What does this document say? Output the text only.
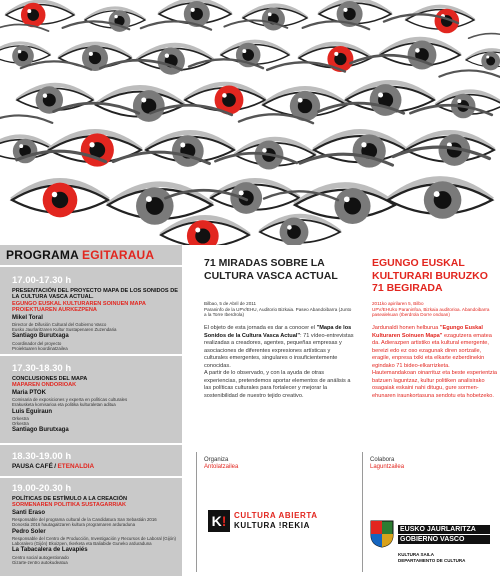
PROGRAMA EGITARAUA
17.00-17.30 h
PRESENTACIÓN DEL PROYECTO MAPA DE LOS SONIDOS DE LA CULTURA VASCA ACTUAL.
EGUNGO EUSKAL KULTURAREN SOINUEN MAPA PROIEKTUAREN AURKEZPENA
Mikel Toral
Director de Difusión Cultural del Gobierno Vasco
Eusko Jaurlaritzaren Kultur Sustapenaren Zuzendaria
Santiago Burutxaga
Coordinador del proyecto
Proiektuaren koordinatzailea
17.30-18.30 h
CONCLUSIONES DEL MAPA
MAPAREN ONDORIOAK
Maria PTOK
Comisaria de exposiciones y experta en políticas culturales
Erakusketa komisarioa eta politika kulturaletan aditua
Luis Eguiraun
Orkestra
Orkestra
Santiago Burutxaga
18.30-19.00 h
PAUSA CAFÉ / ETENALDIA
19.00-20.30 h
POLÍTICAS DE ESTÍMULO A LA CREACIÓN
SORMENAREN POLITIKA SUSTAGARRIAK
Santi Eraso
Responsable del programa cultural de la Candidatura San Sebastián 2016
Donostia 2016 hautagaitzaren kultura programaren arduraduna
Pedro Soler
Responsable del Centro de Producción, Investigación y Recursos de Laboral (Gijón)
Laboralero (Gijón) Ekoizpen, Ikerketa eta Baliabide Guneko arduraduna
La Tabacalera de Lavapiés
Centro social autogestionado
Gizarte-zentro autokudeatua
71 MIRADAS SOBRE LA CULTURA VASCA ACTUAL
Bilbao, 5 de Abril de 2011
Paraninfo de la UPV/EHU, Auditorio Bizkaia. Paseo Abandoibarra (Junto a la Torre Iberdrola)
El objeto de esta jornada es dar a conocer el "Mapa de los Sonidos de la Cultura Vasca Actual": 71 vídeo-entrevistas realizadas a creadores, agentes, pequeñas empresas y asociaciones de diferentes expresiones artísticas y culturales emergentes, singulares o insuficientemente conocidas.
A partir de lo observado, y con la ayuda de otras experiencias, pretendemos aportar elementos de análisis a las políticas culturales para fortalecer y mejorar la sostenibilidad de nuestro tejido creativo.
EGUNGO EUSKAL KULTURARI BURUZKO 71 BEGIRADA
2011ko apirilaren 5, Bilbo
UPV/EHUko Paraninfoa, Bizkaia auditorioa. Abandoibarra pasealekuan (Iberdrola Dorre ondoan)
Jardunaldi honen helburua "Egungo Euskal Kulturaren Soinuen Mapa" ezagutzera ematea da. Adierazpen artistiko eta kultural emergente, bereizi edo ez oso ezagunak diren sortzaile, eragile, enpresa txiki eta elkarte ezberdinekin egindako 71 bideo-elkarrizketa.
Hautemandakoan oinarrituz eta beste esperientzia batzuen laguntzaz, kultur politiken analisirako osagaiak eskaini nahi ditugu, gure sormen-ehunaren iraunkortasuna sendotu eta hobetzeko.
Organiza
Antolatzailea
Colabora
Laguntzailea
K! CULTURA ABIERTA
KULTURA !REKIA	EUSKO JAURLARITZA
GOBIERNO VASCO
KULTURA SAILA
DEPARTAMENTO DE CULTURA
